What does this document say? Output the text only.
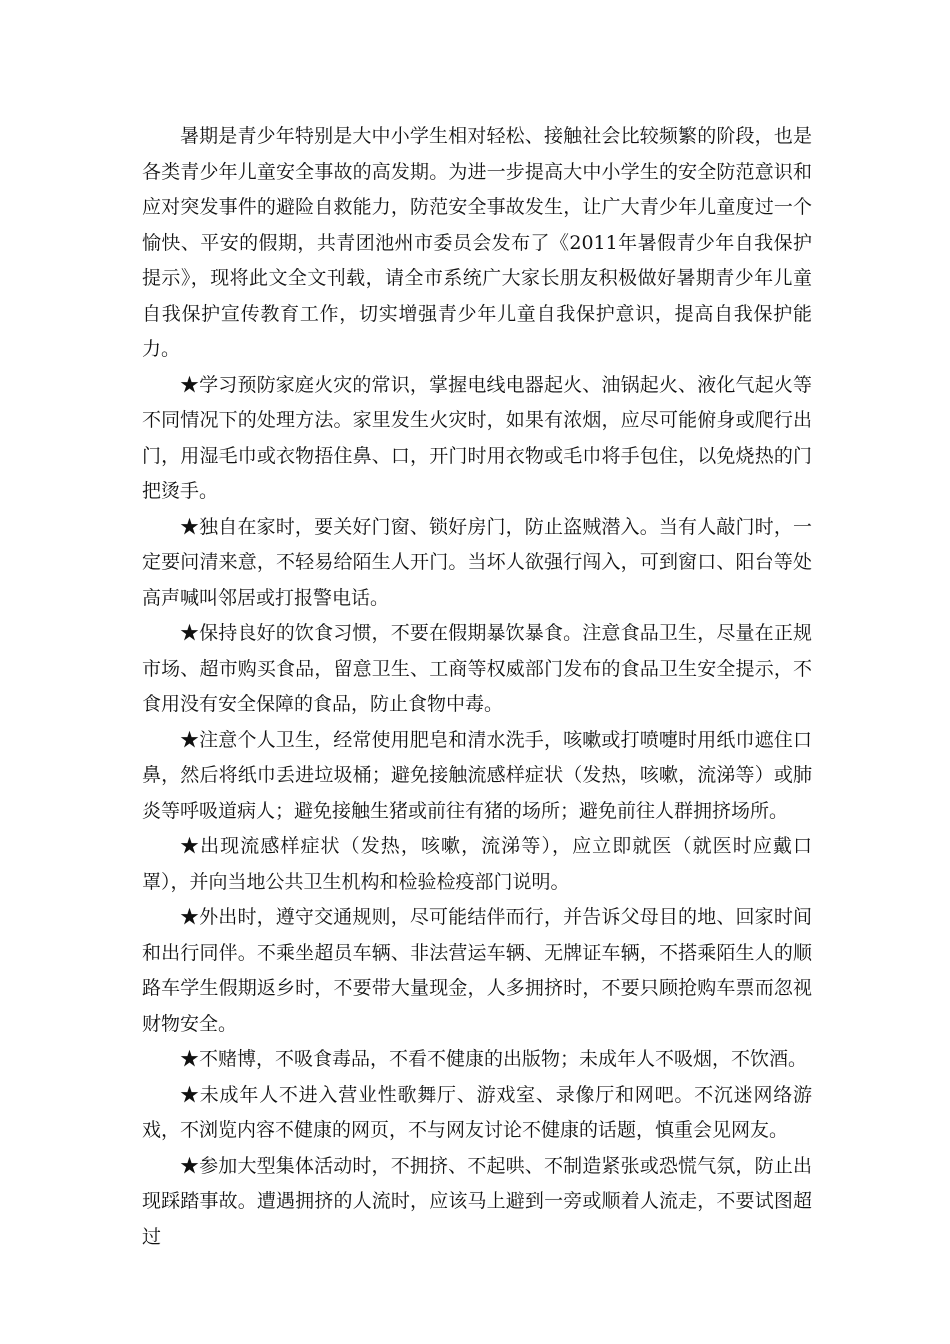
暑期是青少年特别是大中小学生相对轻松、接触社会比较频繁的阶段，也是各类青少年儿童安全事故的高发期。为进一步提高大中小学生的安全防范意识和应对突发事件的避险自救能力，防范安全事故发生，让广大青少年儿童度过一个愉快、平安的假期，共青团池州市委员会发布了《2011年暑假青少年自我保护提示》，现将此文全文刊载，请全市系统广大家长朋友积极做好暑期青少年儿童自我保护宣传教育工作，切实增强青少年儿童自我保护意识，提高自我保护能力。

★学习预防家庭火灾的常识，掌握电线电器起火、油锅起火、液化气起火等不同情况下的处理方法。家里发生火灾时，如果有浓烟，应尽可能俯身或爬行出门，用湿毛巾或衣物捂住鼻、口，开门时用衣物或毛巾将手包住，以免烧热的门把烫手。

★独自在家时，要关好门窗、锁好房门，防止盗贼潜入。当有人敲门时，一定要问清来意，不轻易给陌生人开门。当坏人欲强行闯入，可到窗口、阳台等处高声喊叫邻居或打报警电话。

★保持良好的饮食习惯，不要在假期暴饮暴食。注意食品卫生，尽量在正规市场、超市购买食品，留意卫生、工商等权威部门发布的食品卫生安全提示，不食用没有安全保障的食品，防止食物中毒。

★注意个人卫生，经常使用肥皂和清水洗手，咳嗽或打喷嚏时用纸巾遮住口鼻，然后将纸巾丢进垃圾桶；避免接触流感样症状（发热，咳嗽，流涕等）或肺炎等呼吸道病人；避免接触生猪或前往有猪的场所；避免前往人群拥挤场所。

★出现流感样症状（发热，咳嗽，流涕等），应立即就医（就医时应戴口罩），并向当地公共卫生机构和检验检疫部门说明。

★外出时，遵守交通规则，尽可能结伴而行，并告诉父母目的地、回家时间和出行同伴。不乘坐超员车辆、非法营运车辆、无牌证车辆，不搭乘陌生人的顺路车学生假期返乡时，不要带大量现金，人多拥挤时，不要只顾抢购车票而忽视财物安全。

★不赌博，不吸食毒品，不看不健康的出版物；未成年人不吸烟，不饮酒。

★未成年人不进入营业性歌舞厅、游戏室、录像厅和网吧。不沉迷网络游戏，不浏览内容不健康的网页，不与网友讨论不健康的话题，慎重会见网友。

★参加大型集体活动时，不拥挤、不起哄、不制造紧张或恐慌气氛，防止出现踩踏事故。遭遇拥挤的人流时，应该马上避到一旁或顺着人流走，不要试图超过
